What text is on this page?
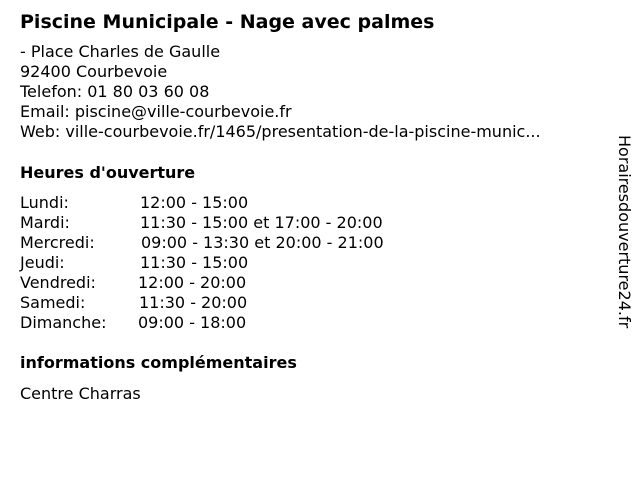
Piscine Municipale - Nage avec palmes
- Place Charles de Gaulle
92400 Courbevoie
Telefon: 01 80 03 60 08
Email: piscine@ville-courbevoie.fr
Web: ville-courbevoie.fr/1465/presentation-de-la-piscine-munic...
Heures d'ouverture
Lundi:	12:00 - 15:00
Mardi:	11:30 - 15:00 et 17:00 - 20:00
Mercredi:	09:00 - 13:30 et 20:00 - 21:00
Jeudi:	11:30 - 15:00
Vendredi:	12:00 - 20:00
Samedi:	11:30 - 20:00
Dimanche: 09:00 - 18:00
informations complémentaires
Centre Charras
Horairesdouverture24.fr
